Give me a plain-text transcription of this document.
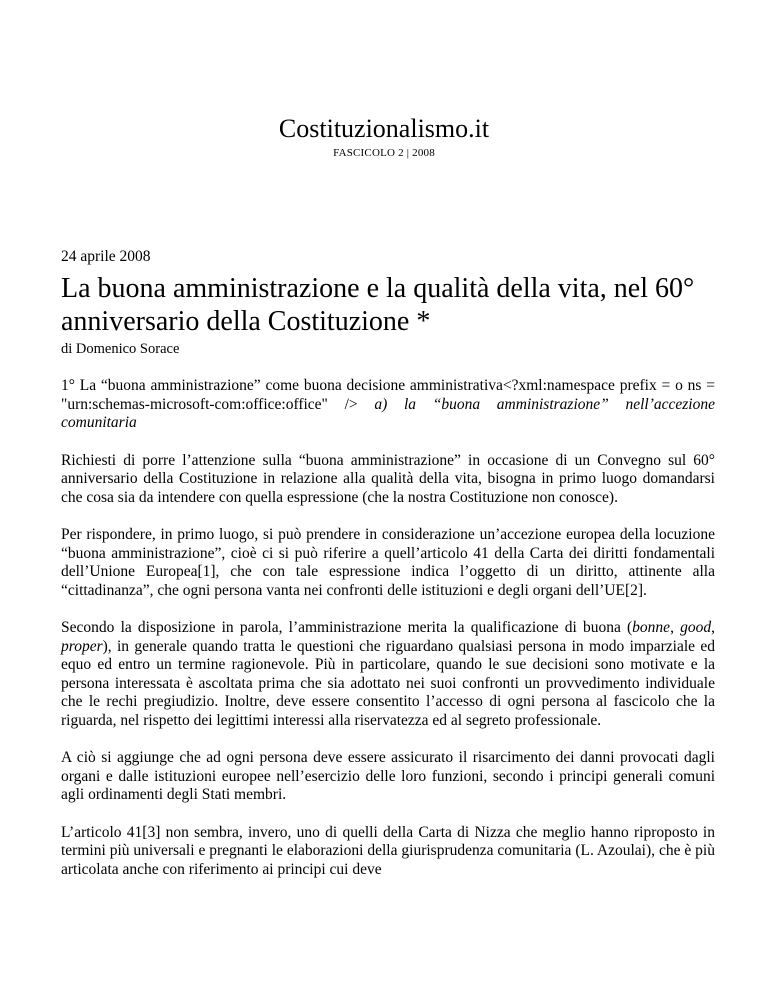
Costituzionalismo.it
FASCICOLO 2 | 2008
24 aprile 2008
La buona amministrazione e la qualità della vita, nel 60° anniversario della Costituzione *
di Domenico Sorace

1° La “buona amministrazione” come buona decisione amministrativa<?xml:namespace prefix = o ns = "urn:schemas-microsoft-com:office:office" /> a) la “buona amministrazione” nell’accezione comunitaria

Richiesti di porre l’attenzione sulla “buona amministrazione” in occasione di un Convegno sul 60° anniversario della Costituzione in relazione alla qualità della vita, bisogna in primo luogo domandarsi che cosa sia da intendere con quella espressione (che la nostra Costituzione non conosce).

Per rispondere, in primo luogo, si può prendere in considerazione un’accezione europea della locuzione “buona amministrazione”, cioè ci si può riferire a quell’articolo 41 della Carta dei diritti fondamentali dell’Unione Europea[1], che con tale espressione indica l’oggetto di un diritto, attinente alla “cittadinanza”, che ogni persona vanta nei confronti delle istituzioni e degli organi dell’UE[2].

Secondo la disposizione in parola, l’amministrazione merita la qualificazione di buona (bonne, good, proper), in generale quando tratta le questioni che riguardano qualsiasi persona in modo imparziale ed equo ed entro un termine ragionevole. Più in particolare, quando le sue decisioni sono motivate e la persona interessata è ascoltata prima che sia adottato nei suoi confronti un provvedimento individuale che le rechi pregiudizio. Inoltre, deve essere consentito l’accesso di ogni persona al fascicolo che la riguarda, nel rispetto dei legittimi interessi alla riservatezza ed al segreto professionale.

A ciò si aggiunge che ad ogni persona deve essere assicurato il risarcimento dei danni provocati dagli organi e dalle istituzioni europee nell’esercizio delle loro funzioni, secondo i principi generali comuni agli ordinamenti degli Stati membri.

L’articolo 41[3] non sembra, invero, uno di quelli della Carta di Nizza che meglio hanno riproposto in termini più universali e pregnanti le elaborazioni della giurisprudenza comunitaria (L. Azoulai), che è più articolata anche con riferimento ai principi cui deve
